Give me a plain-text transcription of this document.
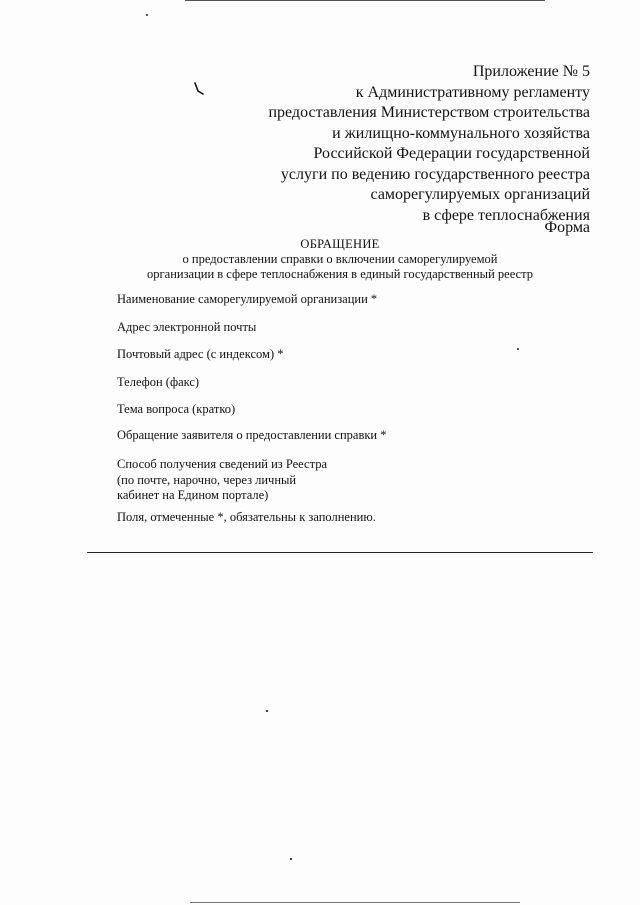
Приложение № 5
к Административному регламенту
предоставления Министерством строительства
и жилищно-коммунального хозяйства
Российской Федерации государственной
услуги по ведению государственного реестра
саморегулируемых организаций
в сфере теплоснабжения
Форма
ОБРАЩЕНИЕ
о предоставлении справки о включении саморегулируемой
организации в сфере теплоснабжения в единый государственный реестр
Наименование саморегулируемой организации *
Адрес электронной почты
Почтовый адрес (с индексом) *
Телефон (факс)
Тема вопроса (кратко)
Обращение заявителя о предоставлении справки *
Способ получения сведений из Реестра
(по почте, нарочно, через личный
кабинет на Едином портале)
Поля, отмеченные *, обязательны к заполнению.
